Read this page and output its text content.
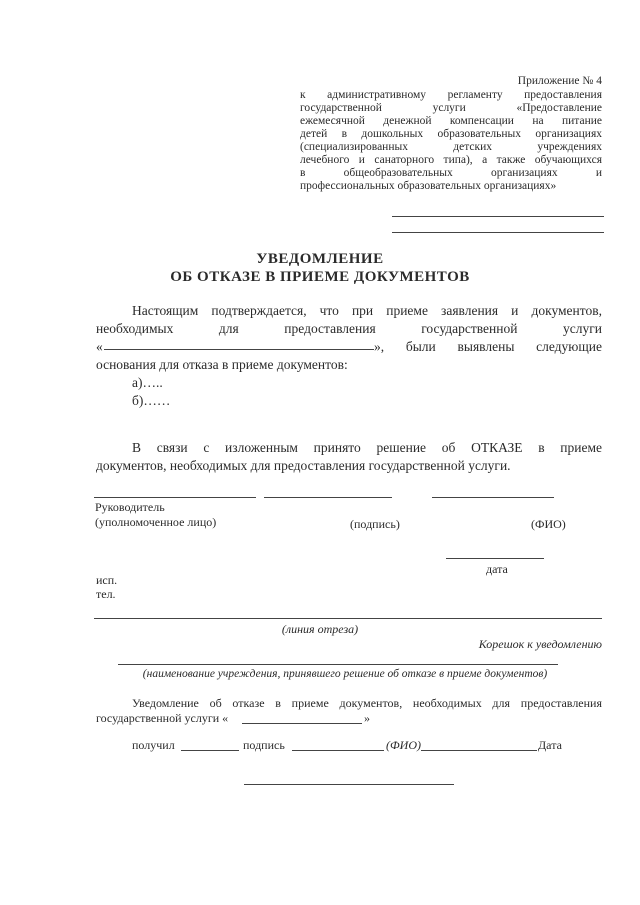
Приложение № 4
к административному регламенту предоставления
государственной услуги «Предоставление
ежемесячной денежной компенсации на питание
детей в дошкольных образовательных организациях
(специализированных детских учреждениях
лечебного и санаторного типа), а также обучающихся
в общеобразовательных организациях и
профессиональных образовательных организациях»
УВЕДОМЛЕНИЕ
ОБ ОТКАЗЕ В ПРИЕМЕ ДОКУМЕНТОВ
Настоящим подтверждается, что при приеме заявления и документов,
необходимых для предоставления государственной услуги
«	», были выявлены следующие
основания для отказа в приеме документов:
а)…..
б)……
В связи с изложенным принято решение об ОТКАЗЕ в приеме
документов, необходимых для предоставления государственной услуги.
Руководитель
(уполномоченное лицо)	(подпись)	(ФИО)
дата
исп.
тел.
(линия отреза)
Корешок к уведомлению
(наименование учреждения, принявшего решение об отказе в приеме документов)
Уведомление об отказе в приеме документов, необходимых для предоставления
государственной услуги «	»
получил	подпись	(ФИО)	Дата
